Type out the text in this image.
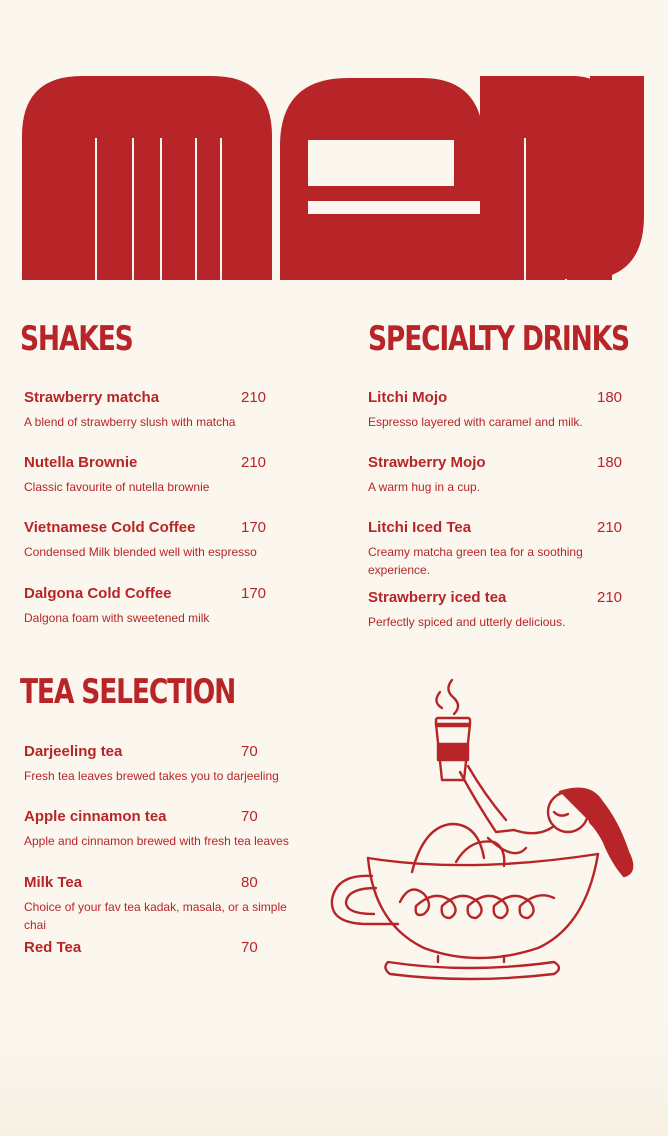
SHAKES
Strawberry matcha	210
A blend of strawberry slush with matcha
Nutella Brownie	210
Classic favourite of nutella brownie
Vietnamese Cold Coffee	170
Condensed Milk blended well with espresso
Dalgona Cold Coffee	170
Dalgona foam with sweetened milk
SPECIALTY DRINKS
Litchi Mojo	180
Espresso layered with caramel and milk.
Strawberry Mojo	180
A warm hug in a cup.
Litchi Iced Tea	210
Creamy matcha green tea for a soothing experience.
Strawberry iced tea	210
Perfectly spiced and utterly delicious.
TEA SELECTION
Darjeeling tea	70
Fresh tea leaves brewed takes you to darjeeling
Apple cinnamon tea	70
Apple and cinnamon brewed with fresh tea leaves
Milk Tea	80
Choice of your fav tea kadak, masala, or a simple chai
Red Tea	70
